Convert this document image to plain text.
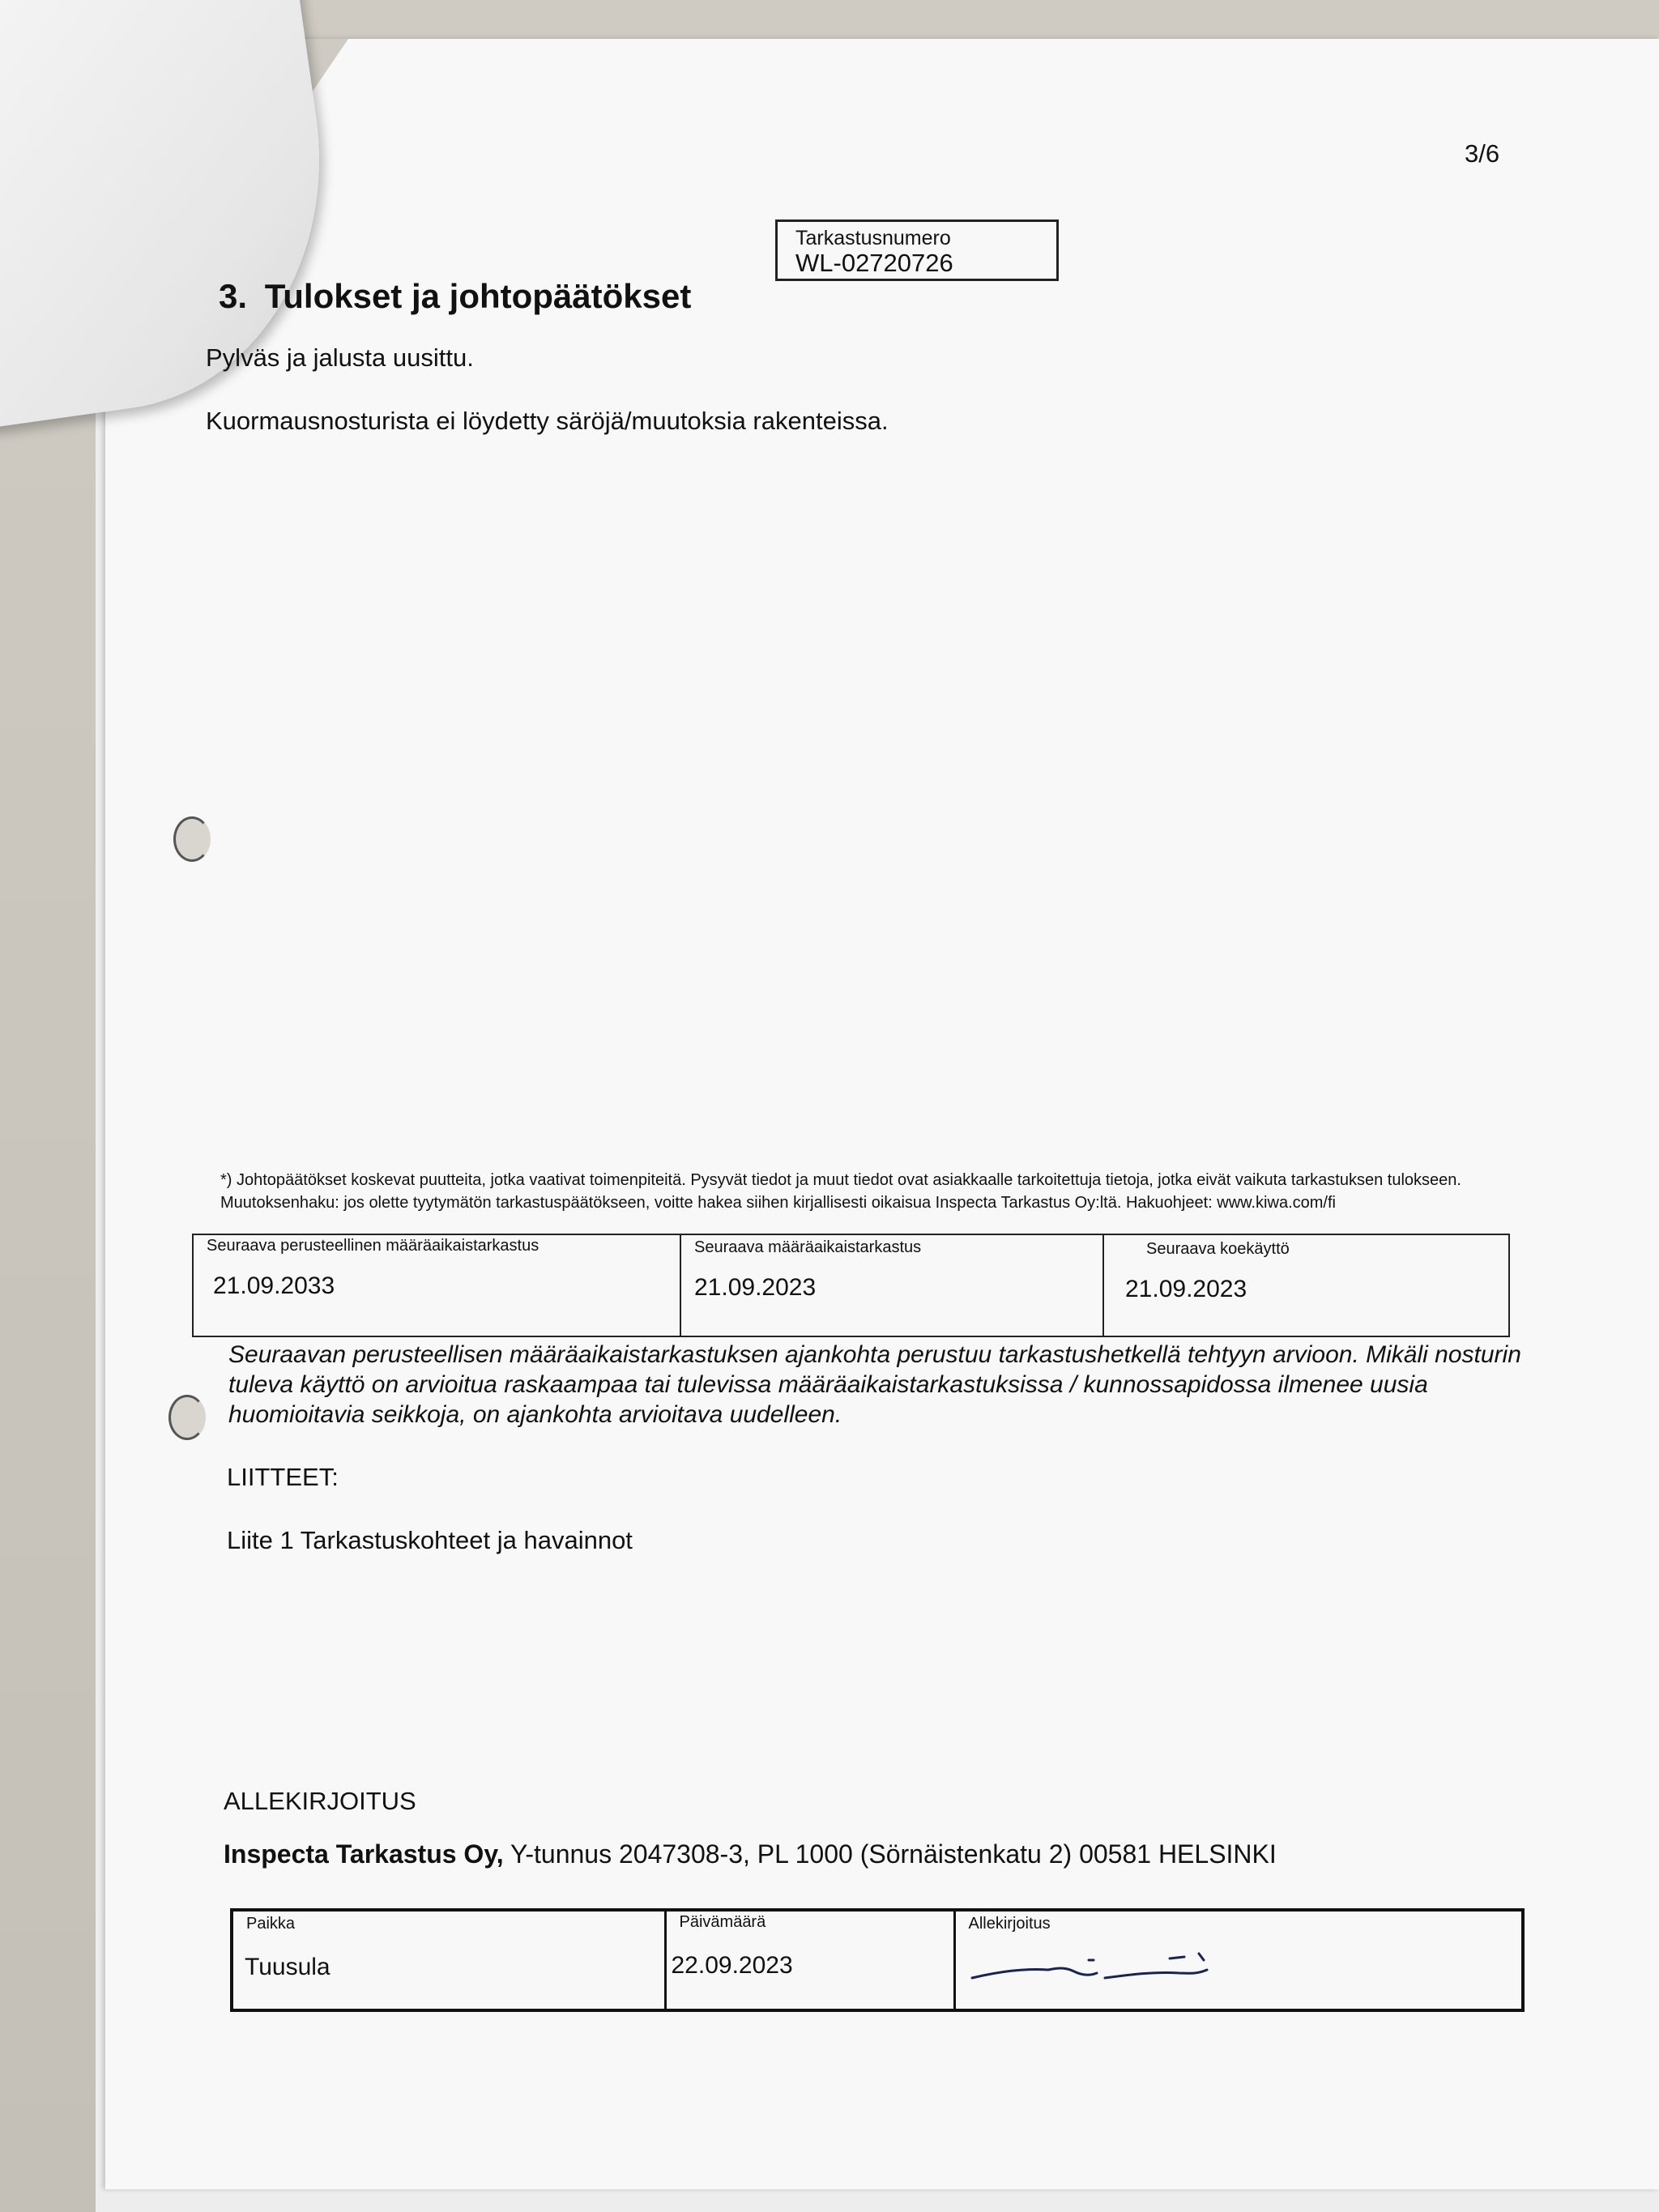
3/6
Tarkastusnumero
WL-02720726
3. Tulokset ja johtopäätökset
Pylväs ja jalusta uusittu.
Kuormausnosturista ei löydetty säröjä/muutoksia rakenteissa.
*) Johtopäätökset koskevat puutteita, jotka vaativat toimenpiteitä. Pysyvät tiedot ja muut tiedot ovat asiakkaalle tarkoitettuja tietoja, jotka eivät vaikuta tarkastuksen tulokseen.
Muutoksenhaku: jos olette tyytymätön tarkastuspäätökseen, voitte hakea siihen kirjallisesti oikaisua Inspecta Tarkastus Oy:ltä. Hakuohjeet: www.kiwa.com/fi
Seuraava perusteellinen määräaikaistarkastus
21.09.2033

Seuraava määräaikaistarkastus
21.09.2023

Seuraava koekäyttö
21.09.2023
Seuraavan perusteellisen määräaikaistarkastuksen ajankohta perustuu tarkastushetkellä tehtyyn arvioon. Mikäli nosturin
tuleva käyttö on arvioitua raskaampaa tai tulevissa määräaikaistarkastuksissa / kunnossapidossa ilmenee uusia
huomioitavia seikkoja, on ajankohta arvioitava uudelleen.
LIITTEET:
Liite 1 Tarkastuskohteet ja havainnot
ALLEKIRJOITUS
Inspecta Tarkastus Oy, Y-tunnus 2047308-3, PL 1000 (Sörnäistenkatu 2) 00581 HELSINKI
Paikka
Tuusula

Päivämäärä
22.09.2023

Allekirjoitus
